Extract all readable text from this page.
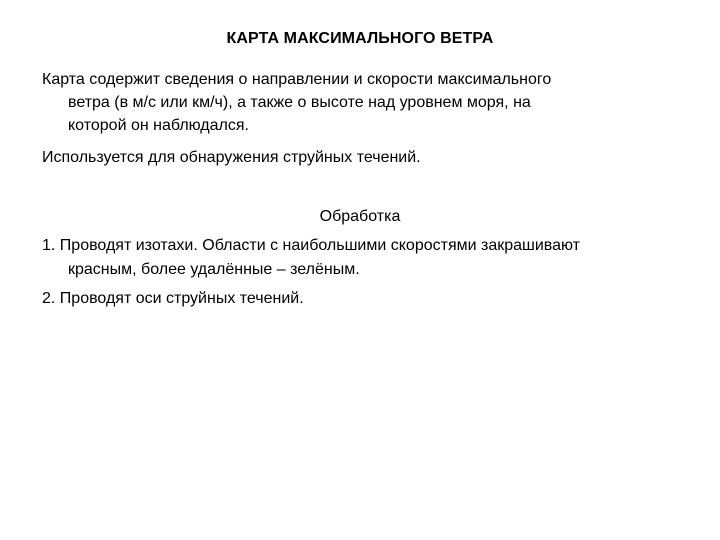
КАРТА МАКСИМАЛЬНОГО ВЕТРА
Карта содержит сведения о направлении и скорости максимального
ветра (в м/с или км/ч), а также о высоте над уровнем моря, на
которой он наблюдался.
Используется для обнаружения струйных течений.
Обработка
1. Проводят изотахи. Области с наибольшими скоростями закрашивают
красным, более удалённые – зелёным.
2. Проводят оси струйных течений.
